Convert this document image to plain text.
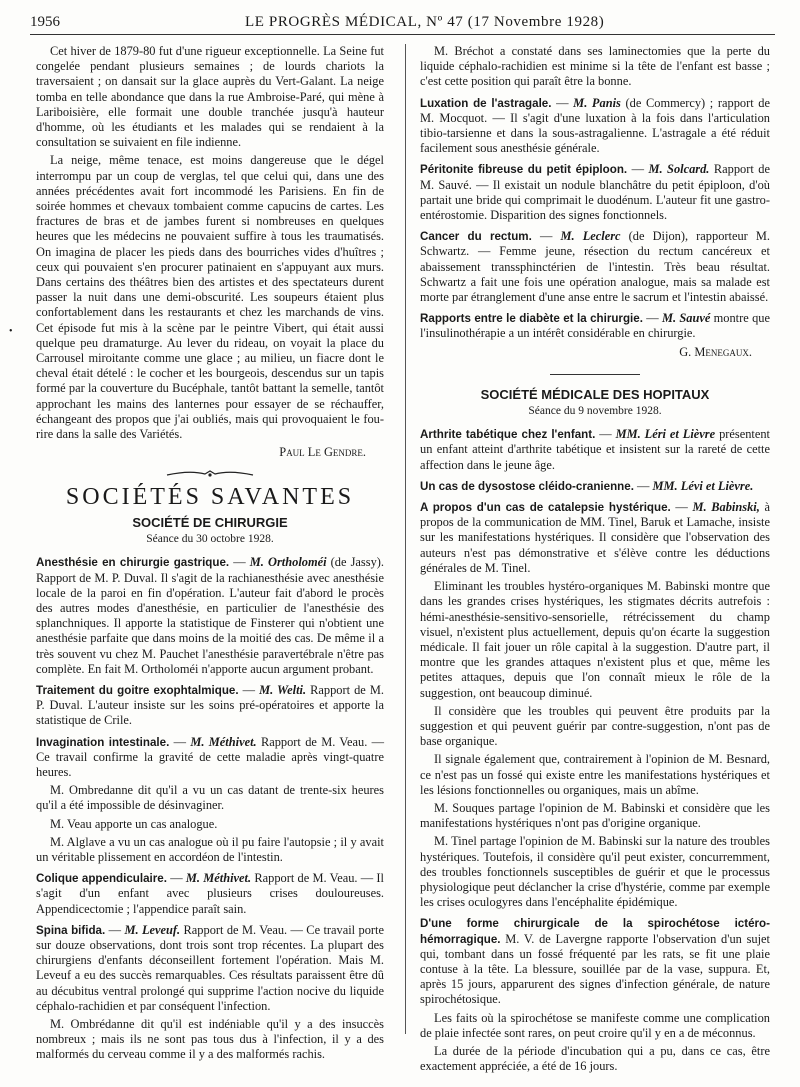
1956	LE PROGRÈS MÉDICAL, Nº 47 (17 Novembre 1928)
•

Cet hiver de 1879-80 fut d'une rigueur exceptionnelle. La Seine fut congelée pendant plusieurs semaines ; de lourds chariots la traversaient ; on dansait sur la glace auprès du Vert-Galant. La neige tomba en telle abondance que dans la rue Ambroise-Paré, qui mène à Lariboisière, elle formait une double tranchée jusqu'à hauteur d'homme, où les étudiants et les malades qui se rendaient à la consultation se suivaient en file indienne.

La neige, même tenace, est moins dangereuse que le dégel interrompu par un coup de verglas, tel que celui qui, dans une des années précédentes avait fort incommodé les Parisiens. En fin de soirée hommes et chevaux tombaient comme capucins de cartes. Les fractures de bras et de jambes furent si nombreuses en quelques heures que les médecins ne pouvaient suffire à tous les traumatisés. On imagina de placer les pieds dans des bourriches vides d'huîtres ; ceux qui pouvaient s'en procurer patinaient en s'appuyant aux murs. Dans certains des théâtres bien des artistes et des spectateurs durent passer la nuit dans une demi-obscurité. Les soupeurs étaient plus confortablement dans les restaurants et chez les marchands de vins. Cet épisode fut mis à la scène par le peintre Vibert, qui était aussi quelque peu dramaturge. Au lever du rideau, on voyait la place du Carrousel miroitante comme une glace ; au milieu, un fiacre dont le cheval était dételé : le cocher et les bourgeois, descendus sur un tapis formé par la couverture du Bucéphale, tantôt battant la semelle, tantôt approchant les mains des lanternes pour essayer de se réchauffer, échangeant des propos que j'ai oubliés, mais qui provoquaient le fou-rire dans la salle des Variétés.

Paul Le Gendre.
SOCIÉTÉS SAVANTES
SOCIÉTÉ DE CHIRURGIE
Séance du 30 octobre 1928.

Anesthésie en chirurgie gastrique. — M. Ortholoméi (de Jassy). Rapport de M. P. Duval. Il s'agit de la rachianesthésie avec anesthésie locale de la paroi en fin d'opération. L'auteur fait d'abord le procès des autres modes d'anesthésie, en particulier de l'anesthésie des splanchniques. Il apporte la statistique de Finsterer qui n'obtient une anesthésie parfaite que dans moins de la moitié des cas. De même il a très souvent vu chez M. Pauchet l'anesthésie paravertébrale n'être pas complète. En fait M. Ortholoméi n'apporte aucun argument probant.

Traitement du goitre exophtalmique. — M. Welti. Rapport de M. P. Duval. L'auteur insiste sur les soins pré-opératoires et apporte la statistique de Crile.

Invagination intestinale. — M. Méthivet. Rapport de M. Veau. — Ce travail confirme la gravité de cette maladie après vingt-quatre heures.

M. Ombredanne dit qu'il a vu un cas datant de trente-six heures qu'il a été impossible de désinvaginer.

M. Veau apporte un cas analogue.

M. Alglave a vu un cas analogue où il pu faire l'autopsie ; il y avait un véritable plissement en accordéon de l'intestin.

Colique appendiculaire. — M. Méthivet. Rapport de M. Veau. — Il s'agit d'un enfant avec plusieurs crises douloureuses. Appendicectomie ; l'appendice paraît sain.

Spina bifida. — M. Leveuf. Rapport de M. Veau. — Ce travail porte sur douze observations, dont trois sont trop récentes. La plupart des chirurgiens d'enfants déconseillent fortement l'opération. Mais M. Leveuf a eu des succès remarquables. Ces résultats paraissent être dû au décubitus ventral prolongé qui supprime l'action nocive du liquide céphalo-rachidien et par conséquent l'infection.

M. Ombrédanne dit qu'il est indéniable qu'il y a des insuccès nombreux ; mais ils ne sont pas tous dus à l'infection, il y a des malformés du cerveau comme il y a des malformés rachis.

M. Bréchot a constaté dans ses laminectomies que la perte du liquide céphalo-rachidien est minime si la tête de l'enfant est basse ; c'est cette position qui paraît être la bonne.

Luxation de l'astragale. — M. Panis (de Commercy) ; rapport de M. Mocquot. — Il s'agit d'une luxation à la fois dans l'articulation tibio-tarsienne et dans la sous-astragalienne. L'astragale a été réduit facilement sous anesthésie générale.

Péritonite fibreuse du petit épiploon. — M. Solcard. Rapport de M. Sauvé. — Il existait un nodule blanchâtre du petit épiploon, d'où partait une bride qui comprimait le duodénum. L'auteur fit une gastro-entérostomie. Disparition des signes fonctionnels.

Cancer du rectum. — M. Leclerc (de Dijon), rapporteur M. Schwartz. — Femme jeune, résection du rectum cancéreux et abaissement transsphinctérien de l'intestin. Très beau résultat. Schwartz a fait une fois une opération analogue, mais sa malade est morte par étranglement d'une anse entre le sacrum et l'intestin abaissé.

Rapports entre le diabète et la chirurgie. — M. Sauvé montre que l'insulinothérapie a un intérêt considérable en chirurgie.

G. Menegaux.
SOCIÉTÉ MÉDICALE DES HOPITAUX
Séance du 9 novembre 1928.

Arthrite tabétique chez l'enfant. — MM. Léri et Lièvre présentent un enfant atteint d'arthrite tabétique et insistent sur la rareté de cette affection dans le jeune âge.

Un cas de dysostose cléido-cranienne. — MM. Lévi et Lièvre.

A propos d'un cas de catalepsie hystérique. — M. Babinski, à propos de la communication de MM. Tinel, Baruk et Lamache, insiste sur les manifestations hystériques. Il considère que l'observation des auteurs n'est pas démonstrative et s'élève contre les déductions générales de M. Tinel.

Eliminant les troubles hystéro-organiques M. Babinski montre que dans les grandes crises hystériques, les stigmates décrits autrefois : hémi-anesthésie-sensitivo-sensorielle, rétrécissement du champ visuel, n'existent plus actuellement, depuis qu'on écarte la suggestion médicale. Il fait jouer un rôle capital à la suggestion. D'autre part, il montre que les grandes attaques n'existent plus et que, même les petites attaques, depuis que l'on connaît mieux le rôle de la suggestion, ont beaucoup diminué.

Il considère que les troubles qui peuvent être produits par la suggestion et qui peuvent guérir par contre-suggestion, n'ont pas de base organique.

Il signale également que, contrairement à l'opinion de M. Besnard, ce n'est pas un fossé qui existe entre les manifestations hystériques et les lésions fonctionnelles ou organiques, mais un abîme.

M. Souques partage l'opinion de M. Babinski et considère que les manifestations hystériques n'ont pas d'origine organique.

M. Tinel partage l'opinion de M. Babinski sur la nature des troubles hystériques. Toutefois, il considère qu'il peut exister, concurremment, des troubles fonctionnels susceptibles de guérir et que le processus physiologique peut déclancher la crise d'hystérie, comme par exemple les crises oculogyres dans l'encéphalite épidémique.

D'une forme chirurgicale de la spirochétose ictéro-hémorragique. M. V. de Lavergne rapporte l'observation d'un sujet qui, tombant dans un fossé fréquenté par les rats, se fit une plaie contuse à la tête. La blessure, souillée par de la vase, suppura. Et, après 15 jours, apparurent des signes d'infection générale, de nature spirochétosique.

Les faits où la spirochétose se manifeste comme une complication de plaie infectée sont rares, on peut croire qu'il y en a de méconnus.

La durée de la période d'incubation qui a pu, dans ce cas, être exactement appréciée, a été de 16 jours.
